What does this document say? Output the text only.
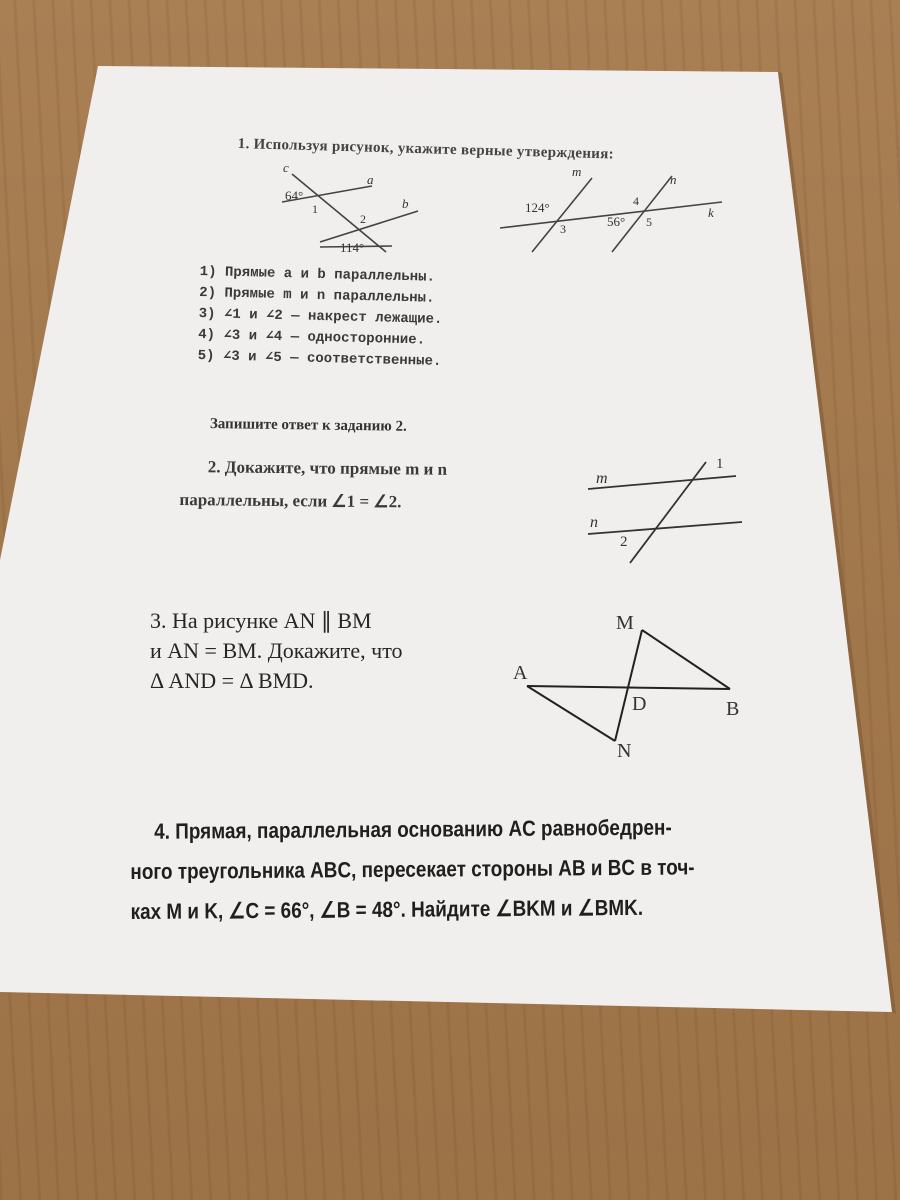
c
a
b
64°
1
2
114°
m
n
k
124°
3
4
56° 5
1. Используя рисунок, укажите верные утверждения:
1) Прямые a и b параллельны.
2) Прямые m и n параллельны.
3) ∠1 и ∠2 — накрест лежащие.
4) ∠3 и ∠4 — односторонние.
5) ∠3 и ∠5 — соответственные.
Запишите ответ к заданию 2.
2. Докажите, что прямые m и n
параллельны, если ∠1 = ∠2.
m
n
1
2
3. На рисунке AN ∥ BM
и AN = BM. Докажите, что
Δ AND = Δ BMD.
M
A
D	B
N
4. Прямая, параллельная основанию AC равнобедрен-
ного треугольника ABC, пересекает стороны AB и BC в точ-
ках M и K, ∠C = 66°, ∠B = 48°. Найдите ∠BKM и ∠BMK.
